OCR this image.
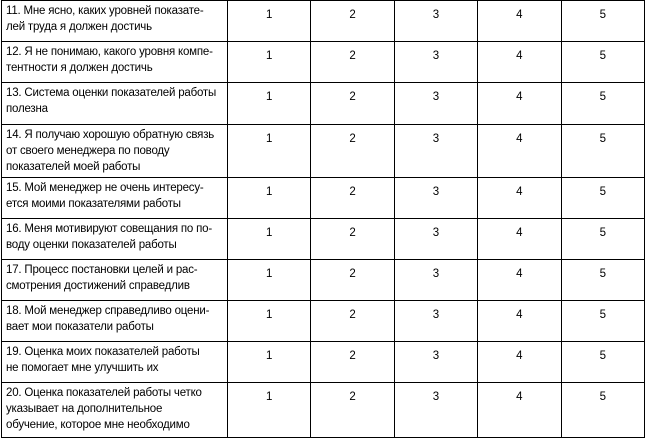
11. Мне ясно, каких уровней показате-
лей труда я должен достичь	1	2	3	4	5

12. Я не понимаю, какого уровня компе-
тентности я должен достичь	1	2	3	4	5

13. Система оценки показателей работы
полезна	1	2	3	4	5

14. Я получаю хорошую обратную связь
от своего менеджера по поводу
показателей моей работы	1	2	3	4	5

15. Мой менеджер не очень интересу-
ется моими показателями работы	1	2	3	4	5

16. Меня мотивируют совещания по по-
воду оценки показателей работы	1	2	3	4	5

17. Процесс постановки целей и рас-
смотрения достижений справедлив	1	2	3	4	5

18. Мой менеджер справедливо оцени-
вает мои показатели работы	1	2	3	4	5

19. Оценка моих показателей работы
не помогает мне улучшить их	1	2	3	4	5

20. Оценка показателей работы четко
указывает на дополнительное
обучение, которое мне необходимо	1	2	3	4	5
